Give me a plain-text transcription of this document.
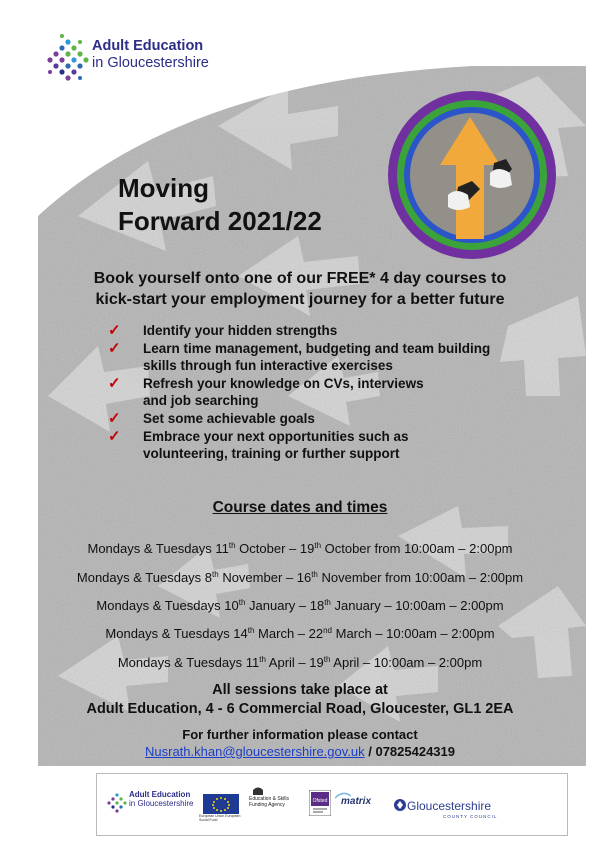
Adult Education
in Gloucestershire
Moving
Forward 2021/22
Book yourself onto one of our FREE* 4 day courses to
kick-start your employment journey for a better future
✓ Identify your hidden strengths
✓ Learn time management, budgeting and team building
skills through fun interactive exercises
✓ Refresh your knowledge on CVs, interviews
and job searching
✓ Set some achievable goals
✓ Embrace your next opportunities such as
volunteering, training or further support
Course dates and times
Mondays & Tuesdays 11th October – 19th October from 10:00am – 2:00pm
Mondays & Tuesdays 8th November – 16th November from 10:00am – 2:00pm
Mondays & Tuesdays 10th January – 18th January – 10:00am – 2:00pm
Mondays & Tuesdays 14th March – 22nd March – 10:00am – 2:00pm
Mondays & Tuesdays 11th April – 19th April – 10:00am – 2:00pm
All sessions take place at
Adult Education, 4 - 6 Commercial Road, Gloucester, GL1 2EA
For further information please contact
Nusrath.khan@gloucestershire.gov.uk / 07825424319
Adult Education
in Gloucestershire
European Union European Social Fund
Education & Skills Funding Agency
Ofsted matrix	Gloucestershire
COUNTY COUNCIL
